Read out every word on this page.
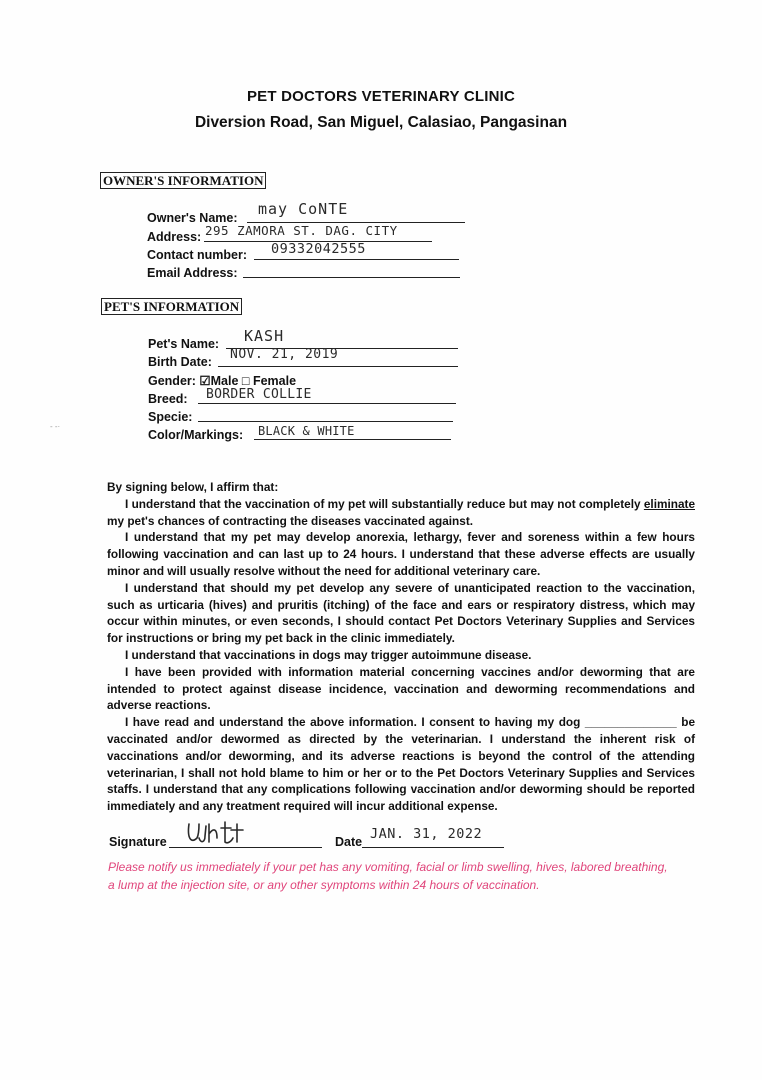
PET DOCTORS VETERINARY CLINIC
Diversion Road, San Miguel, Calasiao, Pangasinan
OWNER'S INFORMATION
Owner's Name: may CoNTE
Address: 295 ZAMORA ST. DAG. CITY
Contact number: 09332042555
Email Address:
PET'S INFORMATION
Pet's Name: KASH
Birth Date: NOV. 21, 2019
Gender: ☑Male □ Female
Breed: BORDER COLLIE
Specie:
Color/Markings: BLACK & WHITE
- -·

By signing below, I affirm that:

I understand that the vaccination of my pet will substantially reduce but may not completely eliminate my pet's chances of contracting the diseases vaccinated against.

I understand that my pet may develop anorexia, lethargy, fever and soreness within a few hours following vaccination and can last up to 24 hours. I understand that these adverse effects are usually minor and will usually resolve without the need for additional veterinary care.

I understand that should my pet develop any severe of unanticipated reaction to the vaccination, such as urticaria (hives) and pruritis (itching) of the face and ears or respiratory distress, which may occur within minutes, or even seconds, I should contact Pet Doctors Veterinary Supplies and Services for instructions or bring my pet back in the clinic immediately.

I understand that vaccinations in dogs may trigger autoimmune disease.

I have been provided with information material concerning vaccines and/or deworming that are intended to protect against disease incidence, vaccination and deworming recommendations and adverse reactions.

I have read and understand the above information. I consent to having my dog ______________ be vaccinated and/or dewormed as directed by the veterinarian. I understand the inherent risk of vaccinations and/or deworming, and its adverse reactions is beyond the control of the attending veterinarian, I shall not hold blame to him or her or to the Pet Doctors Veterinary Supplies and Services staffs. I understand that any complications following vaccination and/or deworming should be reported immediately and any treatment required will incur additional expense.

Signature	Date JAN. 31, 2022
Please notify us immediately if your pet has any vomiting, facial or limb swelling, hives, labored breathing, a lump at the injection site, or any other symptoms within 24 hours of vaccination.
